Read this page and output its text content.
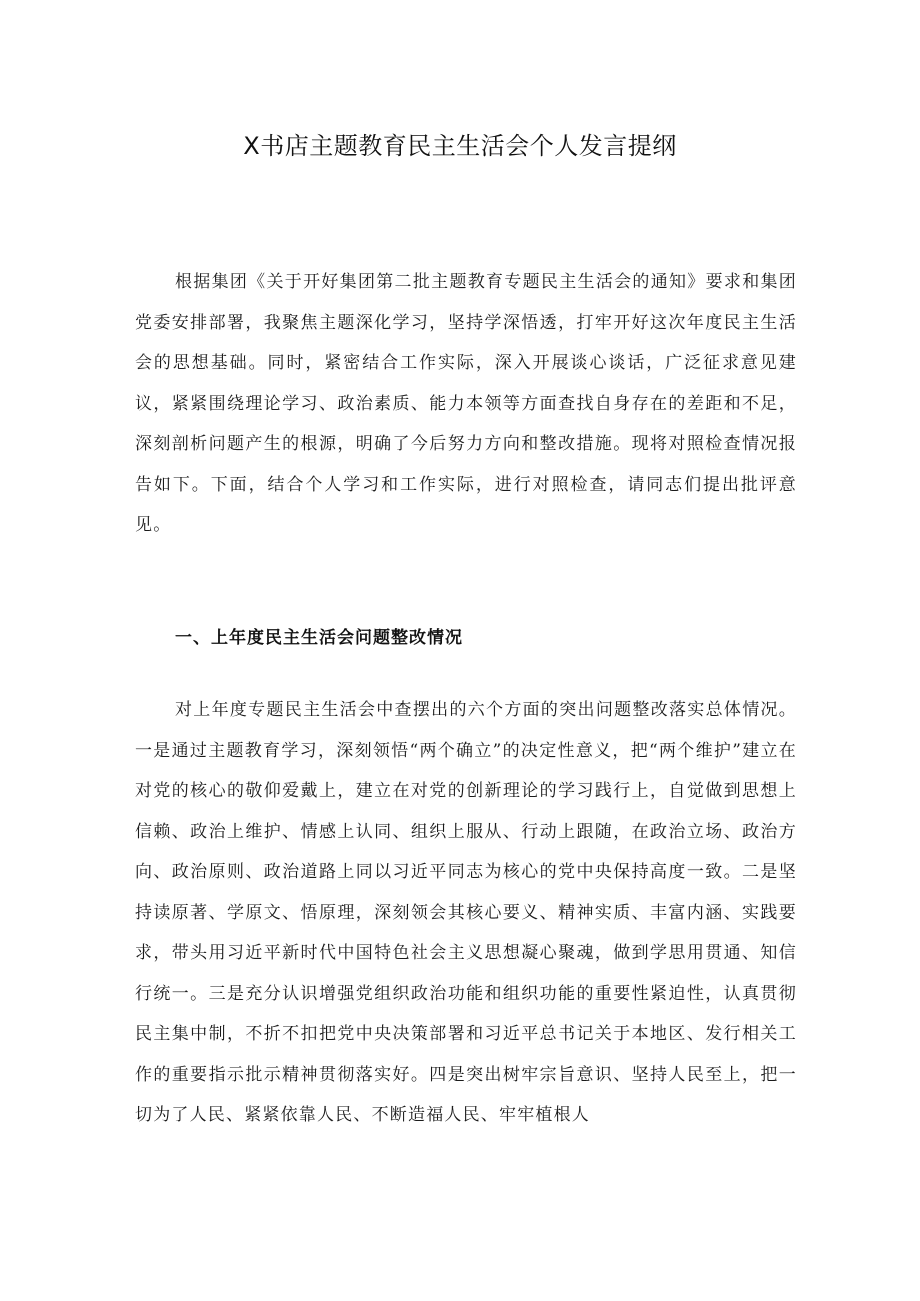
X书店主题教育民主生活会个人发言提纲

根据集团《关于开好集团第二批主题教育专题民主生活会的通知》要求和集团党委安排部署，我聚焦主题深化学习，坚持学深悟透，打牢开好这次年度民主生活会的思想基础。同时，紧密结合工作实际，深入开展谈心谈话，广泛征求意见建议，紧紧围绕理论学习、政治素质、能力本领等方面查找自身存在的差距和不足，深刻剖析问题产生的根源，明确了今后努力方向和整改措施。现将对照检查情况报告如下。下面，结合个人学习和工作实际，进行对照检查，请同志们提出批评意见。

一、上年度民主生活会问题整改情况

对上年度专题民主生活会中查摆出的六个方面的突出问题整改落实总体情况。一是通过主题教育学习，深刻领悟“两个确立”的决定性意义，把“两个维护”建立在对党的核心的敬仰爱戴上，建立在对党的创新理论的学习践行上，自觉做到思想上信赖、政治上维护、情感上认同、组织上服从、行动上跟随，在政治立场、政治方向、政治原则、政治道路上同以习近平同志为核心的党中央保持高度一致。二是坚持读原著、学原文、悟原理，深刻领会其核心要义、精神实质、丰富内涵、实践要求，带头用习近平新时代中国特色社会主义思想凝心聚魂，做到学思用贯通、知信行统一。三是充分认识增强党组织政治功能和组织功能的重要性紧迫性，认真贯彻民主集中制，不折不扣把党中央决策部署和习近平总书记关于本地区、发行相关工作的重要指示批示精神贯彻落实好。四是突出树牢宗旨意识、坚持人民至上，把一切为了人民、紧紧依靠人民、不断造福人民、牢牢植根人
